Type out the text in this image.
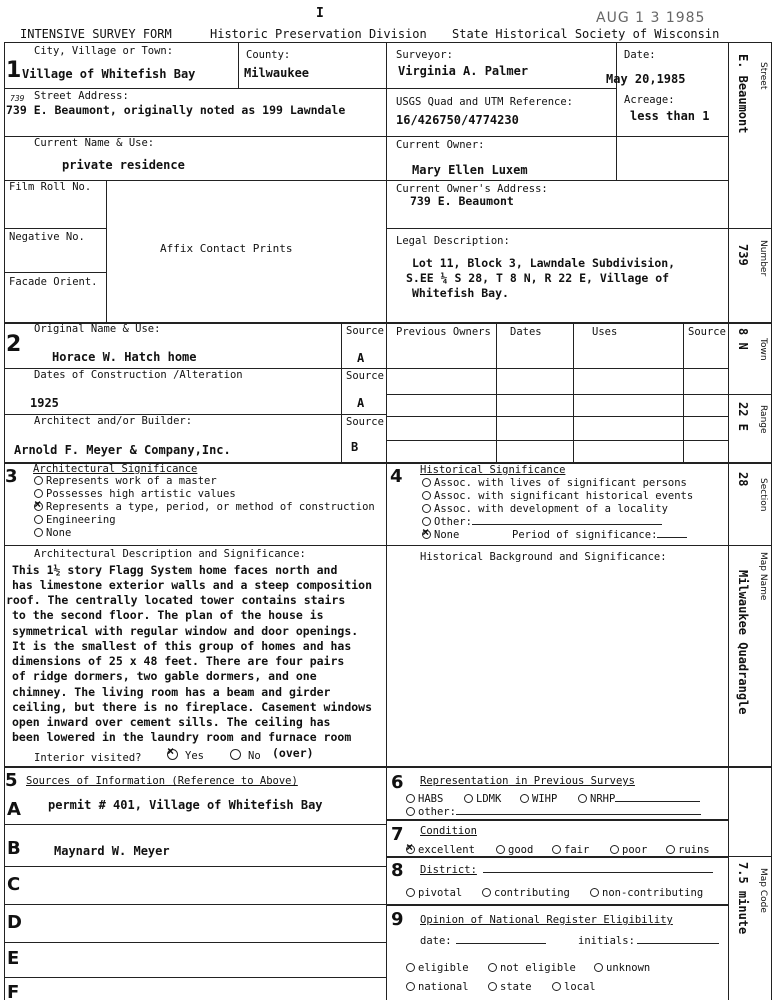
I	AUG 1 3 1985
INTENSIVE SURVEY FORM	Historic Preservation Division State Historical Society of Wisconsin
1
City, Village or Town:
Village of Whitefish Bay
County:
Milwaukee
Surveyor:
Virginia A. Palmer
Date:
May 20,1985
739 Street Address:
739 E. Beaumont, originally noted as 199 Lawndale
USGS Quad and UTM Reference:
16/426750/4774230
Acreage:
less than 1
Current Name & Use:
private residence
Current Owner:
Mary Ellen Luxem
Film Roll No.
Negative No.
Facade Orient.
Affix Contact Prints
Current Owner's Address:
739 E. Beaumont
Legal Description:
Lot 11, Block 3, Lawndale Subdivision,
S.EE ¼ S 28, T 8 N, R 22 E, Village of
Whitefish Bay.
2
Original Name & Use:
Horace W. Hatch home
Source
A
Dates of Construction /Alteration
1925
Source
A
Architect and/or Builder:
Arnold F. Meyer & Company,Inc.
Source
B
Previous Owners Dates	Uses	Source
3 Architectural Significance
Represents work of a master
Possesses high artistic values
×Represents a type, period, or method of construction
Engineering
None
Architectural Description and Significance:
This 1½ story Flagg System home faces north and
has limestone exterior walls and a steep composition
roof. The centrally located tower contains stairs
to the second floor. The plan of the house is
symmetrical with regular window and door openings.
It is the smallest of this group of homes and has
dimensions of 25 x 48 feet. There are four pairs
of ridge dormers, two gable dormers, and one
chimney. The living room has a beam and girder
ceiling, but there is no fireplace. Casement windows
open inward over cement sills. The ceiling has
been lowered in the laundry room and furnace room
Interior visited?
×	Yes	No (over)
4 Historical Significance
Assoc. with lives of significant persons
Assoc. with significant historical events
Assoc. with development of a locality
Other:
×None	Period of significance:
Historical Background and Significance:
5 Sources of Information (Reference to Above)
A permit # 401, Village of Whitefish Bay
B	Maynard W. Meyer
C
D
E
F
6 Representation in Previous Surveys
HABS	LDMK	WIHP	NRHP
other:
7 Condition
×excellent	good	fair	poor	ruins
8 District:
pivotal	contributing	non-contributing
9 Opinion of National Register Eligibility
date:	initials:
eligible	not eligible	unknown
national	state	local
Street
E. Beaumont
Number
739
Town
8 N
Range
22 E
Section
28
Map Name
Milwaukee Quadrangle
Map Code
7.5 minute
